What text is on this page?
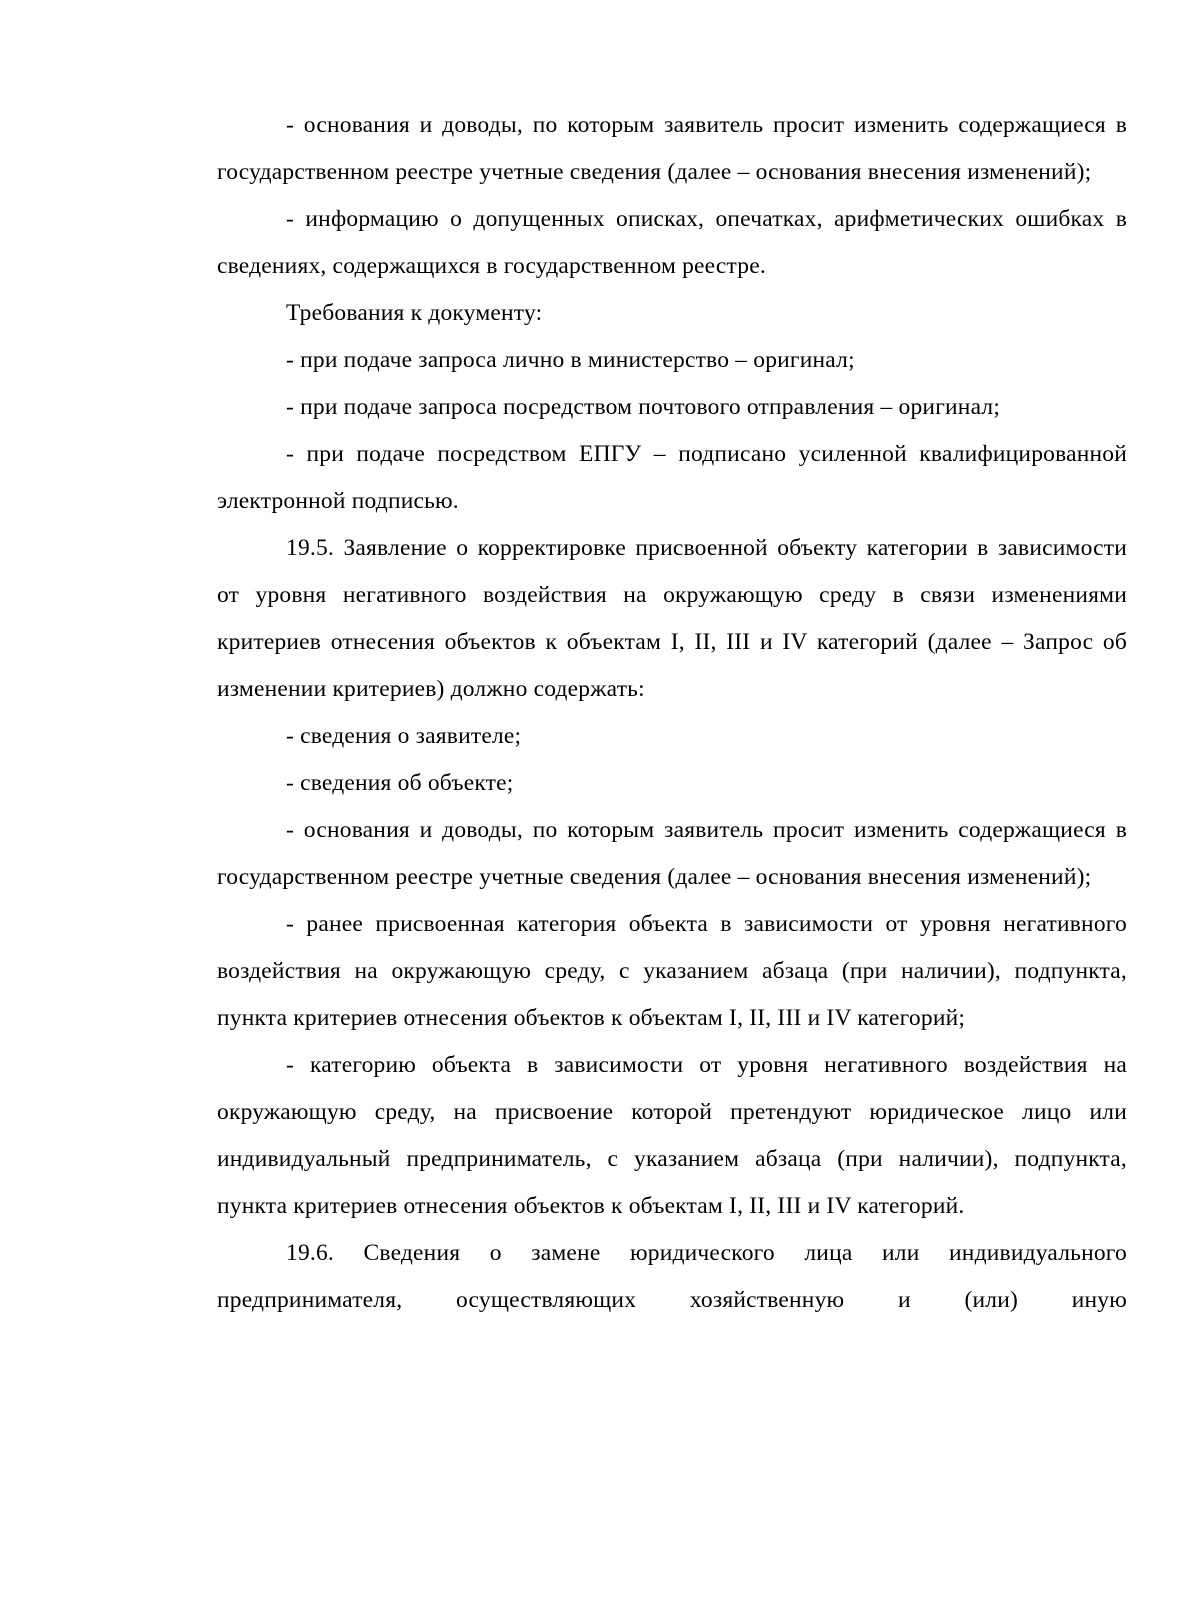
- основания и доводы, по которым заявитель просит изменить содержащиеся в государственном реестре учетные сведения (далее – основания внесения изменений);

- информацию о допущенных описках, опечатках, арифметических ошибках в сведениях, содержащихся в государственном реестре.

Требования к документу:

- при подаче запроса лично в министерство – оригинал;

- при подаче запроса посредством почтового отправления – оригинал;

- при подаче посредством ЕПГУ – подписано усиленной квалифицированной электронной подписью.

19.5. Заявление о корректировке присвоенной объекту категории в зависимости от уровня негативного воздействия на окружающую среду в связи изменениями критериев отнесения объектов к объектам I, II, III и IV категорий (далее – Запрос об изменении критериев) должно содержать:

- сведения о заявителе;

- сведения об объекте;

- основания и доводы, по которым заявитель просит изменить содержащиеся в государственном реестре учетные сведения (далее – основания внесения изменений);

- ранее присвоенная категория объекта в зависимости от уровня негативного воздействия на окружающую среду, с указанием абзаца (при наличии), подпункта, пункта критериев отнесения объектов к объектам I, II, III и IV категорий;

- категорию объекта в зависимости от уровня негативного воздействия на окружающую среду, на присвоение которой претендуют юридическое лицо или индивидуальный предприниматель, с указанием абзаца (при наличии), подпункта, пункта критериев отнесения объектов к объектам I, II, III и IV категорий.

19.6. Сведения о замене юридического лица или индивидуального предпринимателя, осуществляющих хозяйственную и (или) иную
